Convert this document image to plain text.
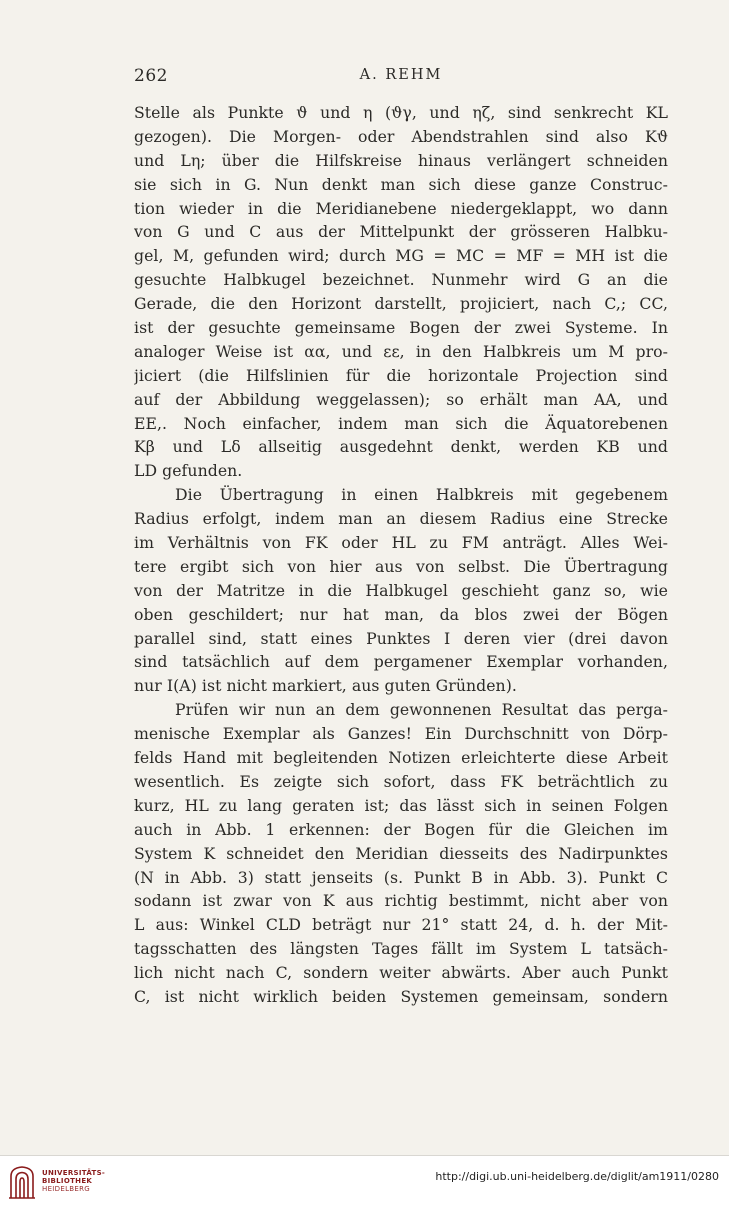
262	A. REHM
Stelle als Punkte ϑ und η (ϑγ, und ηζ, sind senkrecht KL
gezogen). Die Morgen- oder Abendstrahlen sind also Kϑ
und Lη; über die Hilfskreise hinaus verlängert schneiden
sie sich in G. Nun denkt man sich diese ganze Construc-
tion wieder in die Meridianebene niedergeklappt, wo dann
von G und C aus der Mittelpunkt der grösseren Halbku-
gel, M, gefunden wird; durch MG = MC = MF = MH ist die
gesuchte Halbkugel bezeichnet. Nunmehr wird G an die
Gerade, die den Horizont darstellt, projiciert, nach C,; CC,
ist der gesuchte gemeinsame Bogen der zwei Systeme. In
analoger Weise ist αα, und εε, in den Halbkreis um M pro-
jiciert (die Hilfslinien für die horizontale Projection sind
auf der Abbildung weggelassen); so erhält man AA, und
EE,. Noch einfacher, indem man sich die Äquatorebenen
Kβ und Lδ allseitig ausgedehnt denkt, werden KB und
LD gefunden.
Die Übertragung in einen Halbkreis mit gegebenem
Radius erfolgt, indem man an diesem Radius eine Strecke
im Verhältnis von FK oder HL zu FM anträgt. Alles Wei-
tere ergibt sich von hier aus von selbst. Die Übertragung
von der Matritze in die Halbkugel geschieht ganz so, wie
oben geschildert; nur hat man, da blos zwei der Bögen
parallel sind, statt eines Punktes I deren vier (drei davon
sind tatsächlich auf dem pergamener Exemplar vorhanden,
nur I(A) ist nicht markiert, aus guten Gründen).
Prüfen wir nun an dem gewonnenen Resultat das perga-
menische Exemplar als Ganzes! Ein Durchschnitt von Dörp-
felds Hand mit begleitenden Notizen erleichterte diese Arbeit
wesentlich. Es zeigte sich sofort, dass FK beträchtlich zu
kurz, HL zu lang geraten ist; das lässt sich in seinen Folgen
auch in Abb. 1 erkennen: der Bogen für die Gleichen im
System K schneidet den Meridian diesseits des Nadirpunktes
(N in Abb. 3) statt jenseits (s. Punkt B in Abb. 3). Punkt C
sodann ist zwar von K aus richtig bestimmt, nicht aber von
L aus: Winkel CLD beträgt nur 21° statt 24, d. h. der Mit-
tagsschatten des längsten Tages fällt im System L tatsäch-
lich nicht nach C, sondern weiter abwärts. Aber auch Punkt
C, ist nicht wirklich beiden Systemen gemeinsam, sondern
UNIVERSITÄTS-
BIBLIOTHEK
HEIDELBERG
http://digi.ub.uni-heidelberg.de/diglit/am1911/0280
